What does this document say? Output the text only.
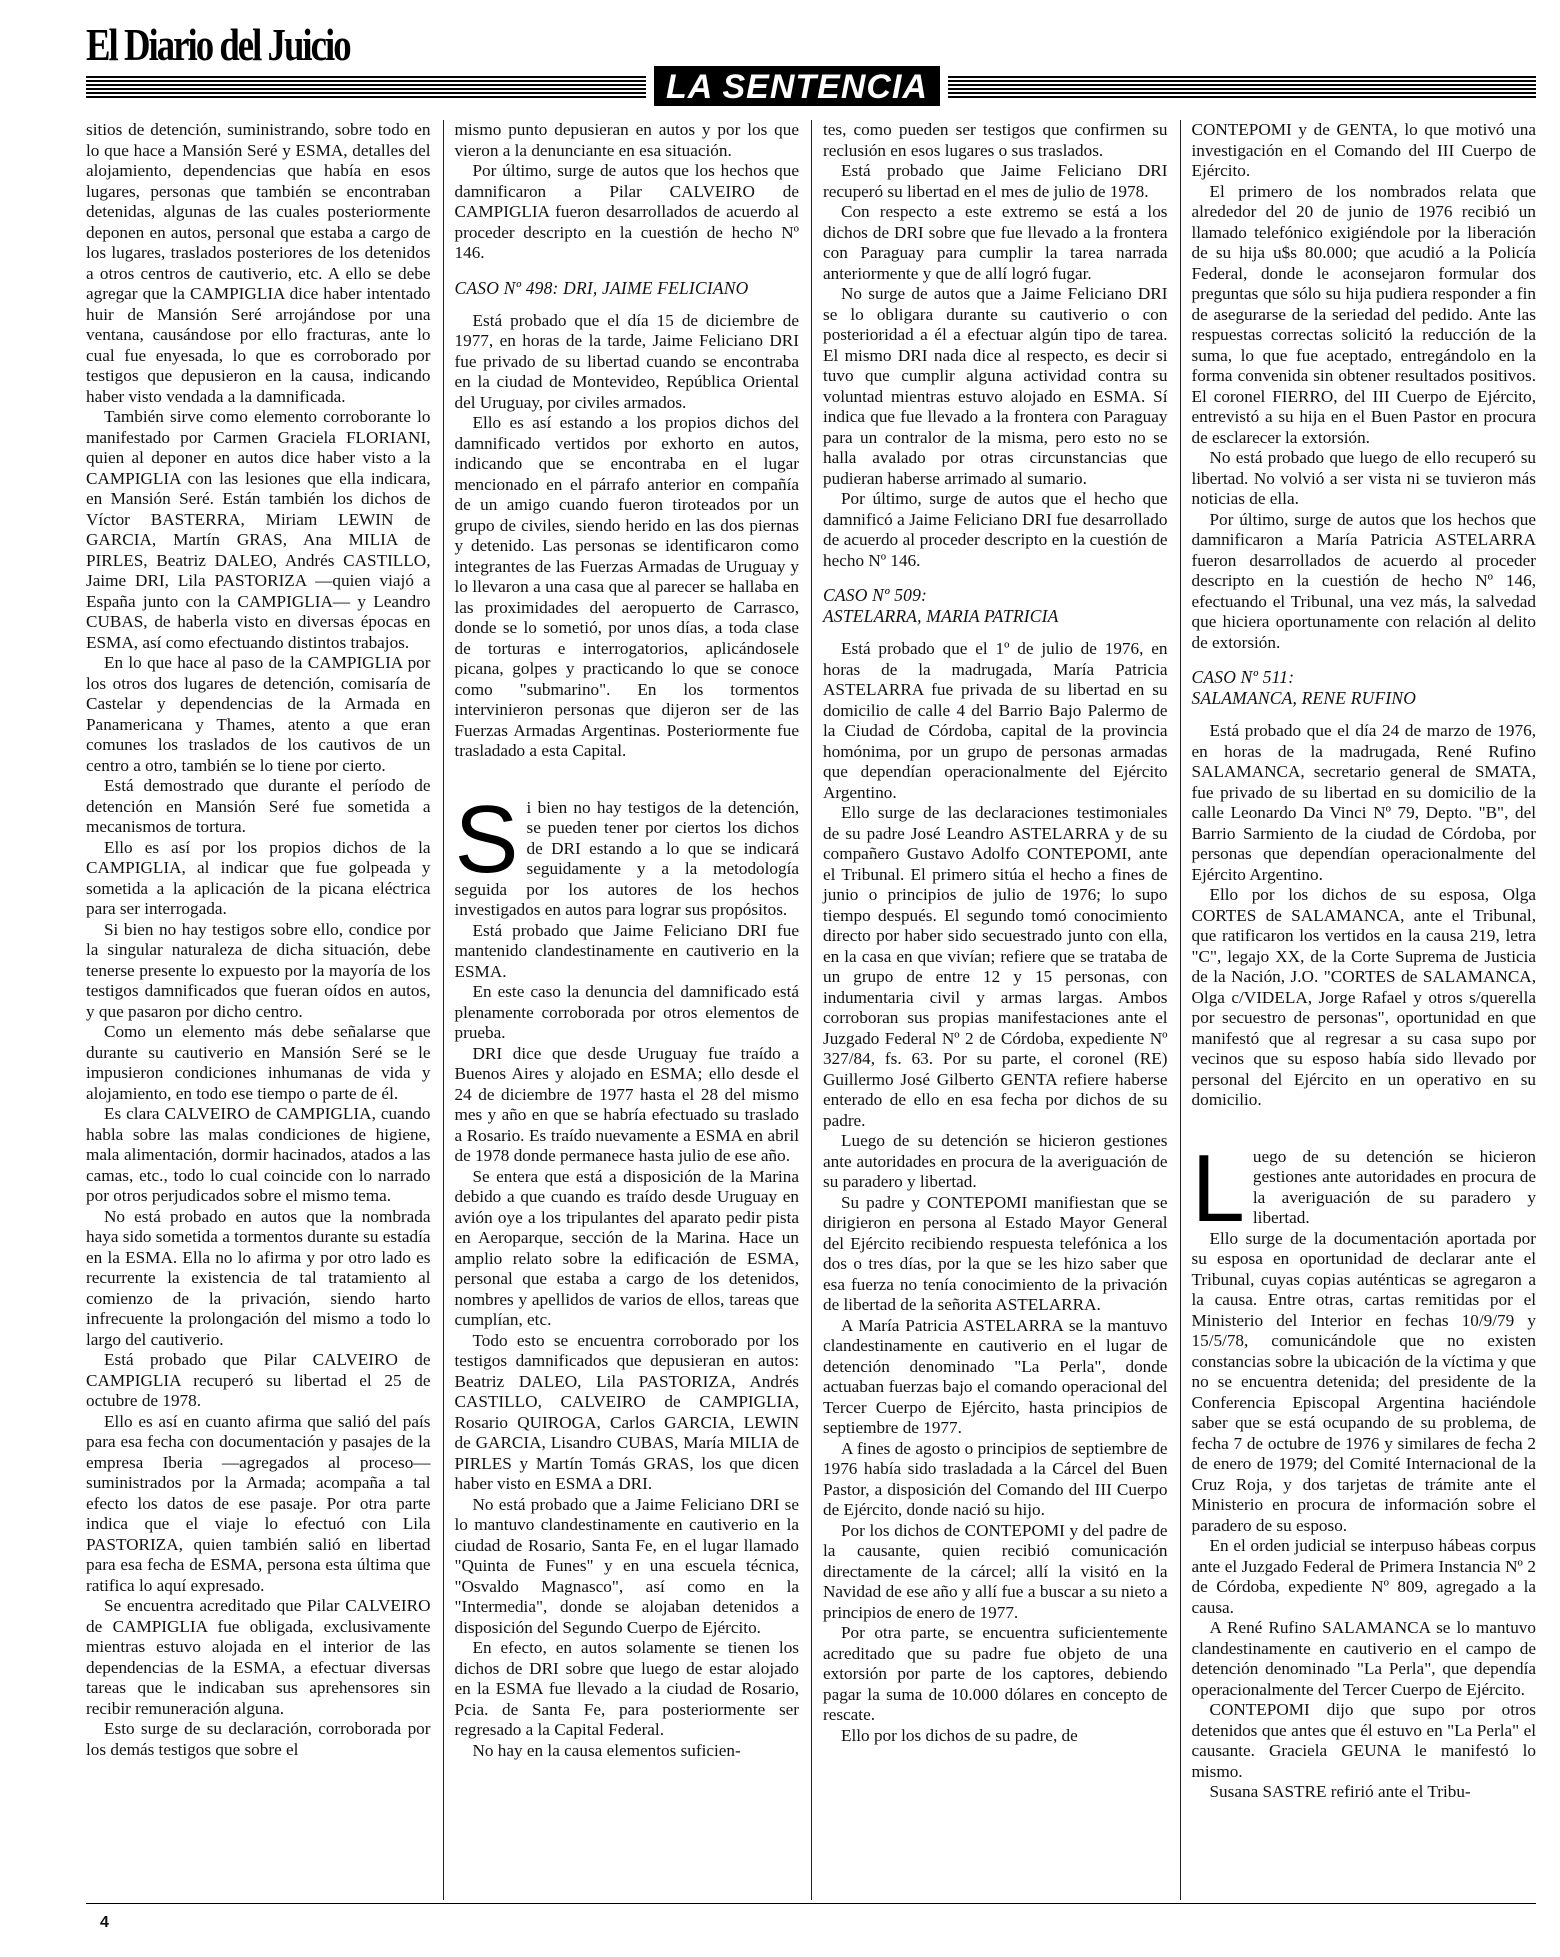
El Diario del Juicio
LA SENTENCIA

sitios de detención, suministrando, sobre todo en lo que hace a Mansión Seré y ESMA, detalles del alojamiento, dependencias que había en esos lugares, personas que también se encontraban detenidas, algunas de las cuales posteriormente deponen en autos, personal que estaba a cargo de los lugares, traslados posteriores de los detenidos a otros centros de cautiverio, etc. A ello se debe agregar que la CAMPIGLIA dice haber intentado huir de Mansión Seré arrojándose por una ventana, causándose por ello fracturas, ante lo cual fue enyesada, lo que es corroborado por testigos que depusieron en la causa, indicando haber visto vendada a la damnificada.

También sirve como elemento corroborante lo manifestado por Carmen Graciela FLORIANI, quien al deponer en autos dice haber visto a la CAMPIGLIA con las lesiones que ella indicara, en Mansión Seré. Están también los dichos de Víctor BASTERRA, Miriam LEWIN de GARCIA, Martín GRAS, Ana MILIA de PIRLES, Beatriz DALEO, Andrés CASTILLO, Jaime DRI, Lila PASTORIZA —quien viajó a España junto con la CAMPIGLIA— y Leandro CUBAS, de haberla visto en diversas épocas en ESMA, así como efectuando distintos trabajos.

En lo que hace al paso de la CAMPIGLIA por los otros dos lugares de detención, comisaría de Castelar y dependencias de la Armada en Panamericana y Thames, atento a que eran comunes los traslados de los cautivos de un centro a otro, también se lo tiene por cierto.

Está demostrado que durante el período de detención en Mansión Seré fue sometida a mecanismos de tortura.

Ello es así por los propios dichos de la CAMPIGLIA, al indicar que fue golpeada y sometida a la aplicación de la picana eléctrica para ser interrogada.

Si bien no hay testigos sobre ello, condice por la singular naturaleza de dicha situación, debe tenerse presente lo expuesto por la mayoría de los testigos damnificados que fueran oídos en autos, y que pasaron por dicho centro.

Como un elemento más debe señalarse que durante su cautiverio en Mansión Seré se le impusieron condiciones inhumanas de vida y alojamiento, en todo ese tiempo o parte de él.

Es clara CALVEIRO de CAMPIGLIA, cuando habla sobre las malas condiciones de higiene, mala alimentación, dormir hacinados, atados a las camas, etc., todo lo cual coincide con lo narrado por otros perjudicados sobre el mismo tema.

No está probado en autos que la nombrada haya sido sometida a tormentos durante su estadía en la ESMA. Ella no lo afirma y por otro lado es recurrente la existencia de tal tratamiento al comienzo de la privación, siendo harto infrecuente la prolongación del mismo a todo lo largo del cautiverio.

Está probado que Pilar CALVEIRO de CAMPIGLIA recuperó su libertad el 25 de octubre de 1978.

Ello es así en cuanto afirma que salió del país para esa fecha con documentación y pasajes de la empresa Iberia —agregados al proceso— suministrados por la Armada; acompaña a tal efecto los datos de ese pasaje. Por otra parte indica que el viaje lo efectuó con Lila PASTORIZA, quien también salió en libertad para esa fecha de ESMA, persona esta última que ratifica lo aquí expresado.

Se encuentra acreditado que Pilar CALVEIRO de CAMPIGLIA fue obligada, exclusivamente mientras estuvo alojada en el interior de las dependencias de la ESMA, a efectuar diversas tareas que le indicaban sus aprehensores sin recibir remuneración alguna.

Esto surge de su declaración, corroborada por los demás testigos que sobre el

mismo punto depusieran en autos y por los que vieron a la denunciante en esa situación.

Por último, surge de autos que los hechos que damnificaron a Pilar CALVEIRO de CAMPIGLIA fueron desarrollados de acuerdo al proceder descripto en la cuestión de hecho Nº 146.

CASO Nº 498: DRI, JAIME FELICIANO

Está probado que el día 15 de diciembre de 1977, en horas de la tarde, Jaime Feliciano DRI fue privado de su libertad cuando se encontraba en la ciudad de Montevideo, República Oriental del Uruguay, por civiles armados.

Ello es así estando a los propios dichos del damnificado vertidos por exhorto en autos, indicando que se encontraba en el lugar mencionado en el párrafo anterior en compañía de un amigo cuando fueron tiroteados por un grupo de civiles, siendo herido en las dos piernas y detenido. Las personas se identificaron como integrantes de las Fuerzas Armadas de Uruguay y lo llevaron a una casa que al parecer se hallaba en las proximidades del aeropuerto de Carrasco, donde se lo sometió, por unos días, a toda clase de torturas e interrogatorios, aplicándosele picana, golpes y practicando lo que se conoce como "submarino". En los tormentos intervinieron personas que dijeron ser de las Fuerzas Armadas Argentinas. Posteriormente fue trasladado a esta Capital.

S i bien no hay testigos de la detención, se pueden tener por ciertos los dichos de DRI estando a lo que se indicará seguidamente y a la metodología seguida por los autores de los hechos investigados en autos para lograr sus propósitos.

Está probado que Jaime Feliciano DRI fue mantenido clandestinamente en cautiverio en la ESMA.

En este caso la denuncia del damnificado está plenamente corroborada por otros elementos de prueba.

DRI dice que desde Uruguay fue traído a Buenos Aires y alojado en ESMA; ello desde el 24 de diciembre de 1977 hasta el 28 del mismo mes y año en que se habría efectuado su traslado a Rosario. Es traído nuevamente a ESMA en abril de 1978 donde permanece hasta julio de ese año.

Se entera que está a disposición de la Marina debido a que cuando es traído desde Uruguay en avión oye a los tripulantes del aparato pedir pista en Aeroparque, sección de la Marina. Hace un amplio relato sobre la edificación de ESMA, personal que estaba a cargo de los detenidos, nombres y apellidos de varios de ellos, tareas que cumplían, etc.

Todo esto se encuentra corroborado por los testigos damnificados que depusieran en autos: Beatriz DALEO, Lila PASTORIZA, Andrés CASTILLO, CALVEIRO de CAMPIGLIA, Rosario QUIROGA, Carlos GARCIA, LEWIN de GARCIA, Lisandro CUBAS, María MILIA de PIRLES y Martín Tomás GRAS, los que dicen haber visto en ESMA a DRI.

No está probado que a Jaime Feliciano DRI se lo mantuvo clandestinamente en cautiverio en la ciudad de Rosario, Santa Fe, en el lugar llamado "Quinta de Funes" y en una escuela técnica, "Osvaldo Magnasco", así como en la "Intermedia", donde se alojaban detenidos a disposición del Segundo Cuerpo de Ejército.

En efecto, en autos solamente se tienen los dichos de DRI sobre que luego de estar alojado en la ESMA fue llevado a la ciudad de Rosario, Pcia. de Santa Fe, para posteriormente ser regresado a la Capital Federal.

No hay en la causa elementos suficien-

tes, como pueden ser testigos que confirmen su reclusión en esos lugares o sus traslados.

Está probado que Jaime Feliciano DRI recuperó su libertad en el mes de julio de 1978.

Con respecto a este extremo se está a los dichos de DRI sobre que fue llevado a la frontera con Paraguay para cumplir la tarea narrada anteriormente y que de allí logró fugar.

No surge de autos que a Jaime Feliciano DRI se lo obligara durante su cautiverio o con posterioridad a él a efectuar algún tipo de tarea. El mismo DRI nada dice al respecto, es decir si tuvo que cumplir alguna actividad contra su voluntad mientras estuvo alojado en ESMA. Sí indica que fue llevado a la frontera con Paraguay para un contralor de la misma, pero esto no se halla avalado por otras circunstancias que pudieran haberse arrimado al sumario.

Por último, surge de autos que el hecho que damnificó a Jaime Feliciano DRI fue desarrollado de acuerdo al proceder descripto en la cuestión de hecho Nº 146.

CASO Nº 509:
ASTELARRA, MARIA PATRICIA

Está probado que el 1º de julio de 1976, en horas de la madrugada, María Patricia ASTELARRA fue privada de su libertad en su domicilio de calle 4 del Barrio Bajo Palermo de la Ciudad de Córdoba, capital de la provincia homónima, por un grupo de personas armadas que dependían operacionalmente del Ejército Argentino.

Ello surge de las declaraciones testimoniales de su padre José Leandro ASTELARRA y de su compañero Gustavo Adolfo CONTEPOMI, ante el Tribunal. El primero sitúa el hecho a fines de junio o principios de julio de 1976; lo supo tiempo después. El segundo tomó conocimiento directo por haber sido secuestrado junto con ella, en la casa en que vivían; refiere que se trataba de un grupo de entre 12 y 15 personas, con indumentaria civil y armas largas. Ambos corroboran sus propias manifestaciones ante el Juzgado Federal Nº 2 de Córdoba, expediente Nº 327/84, fs. 63. Por su parte, el coronel (RE) Guillermo José Gilberto GENTA refiere haberse enterado de ello en esa fecha por dichos de su padre.

Luego de su detención se hicieron gestiones ante autoridades en procura de la averiguación de su paradero y libertad.

Su padre y CONTEPOMI manifiestan que se dirigieron en persona al Estado Mayor General del Ejército recibiendo respuesta telefónica a los dos o tres días, por la que se les hizo saber que esa fuerza no tenía conocimiento de la privación de libertad de la señorita ASTELARRA.

A María Patricia ASTELARRA se la mantuvo clandestinamente en cautiverio en el lugar de detención denominado "La Perla", donde actuaban fuerzas bajo el comando operacional del Tercer Cuerpo de Ejército, hasta principios de septiembre de 1977.

A fines de agosto o principios de septiembre de 1976 había sido trasladada a la Cárcel del Buen Pastor, a disposición del Comando del III Cuerpo de Ejército, donde nació su hijo.

Por los dichos de CONTEPOMI y del padre de la causante, quien recibió comunicación directamente de la cárcel; allí la visitó en la Navidad de ese año y allí fue a buscar a su nieto a principios de enero de 1977.

Por otra parte, se encuentra suficientemente acreditado que su padre fue objeto de una extorsión por parte de los captores, debiendo pagar la suma de 10.000 dólares en concepto de rescate.

Ello por los dichos de su padre, de

CONTEPOMI y de GENTA, lo que motivó una investigación en el Comando del III Cuerpo de Ejército.

El primero de los nombrados relata que alrededor del 20 de junio de 1976 recibió un llamado telefónico exigiéndole por la liberación de su hija u$s 80.000; que acudió a la Policía Federal, donde le aconsejaron formular dos preguntas que sólo su hija pudiera responder a fin de asegurarse de la seriedad del pedido. Ante las respuestas correctas solicitó la reducción de la suma, lo que fue aceptado, entregándolo en la forma convenida sin obtener resultados positivos. El coronel FIERRO, del III Cuerpo de Ejército, entrevistó a su hija en el Buen Pastor en procura de esclarecer la extorsión.

No está probado que luego de ello recuperó su libertad. No volvió a ser vista ni se tuvieron más noticias de ella.

Por último, surge de autos que los hechos que damnificaron a María Patricia ASTELARRA fueron desarrollados de acuerdo al proceder descripto en la cuestión de hecho Nº 146, efectuando el Tribunal, una vez más, la salvedad que hiciera oportunamente con relación al delito de extorsión.

CASO Nº 511:
SALAMANCA, RENE RUFINO

Está probado que el día 24 de marzo de 1976, en horas de la madrugada, René Rufino SALAMANCA, secretario general de SMATA, fue privado de su libertad en su domicilio de la calle Leonardo Da Vinci Nº 79, Depto. "B", del Barrio Sarmiento de la ciudad de Córdoba, por personas que dependían operacionalmente del Ejército Argentino.

Ello por los dichos de su esposa, Olga CORTES de SALAMANCA, ante el Tribunal, que ratificaron los vertidos en la causa 219, letra "C", legajo XX, de la Corte Suprema de Justicia de la Nación, J.O. "CORTES de SALAMANCA, Olga c/VIDELA, Jorge Rafael y otros s/querella por secuestro de personas", oportunidad en que manifestó que al regresar a su casa supo por vecinos que su esposo había sido llevado por personal del Ejército en un operativo en su domicilio.

L uego de su detención se hicieron gestiones ante autoridades en procura de la averiguación de su paradero y libertad.

Ello surge de la documentación aportada por su esposa en oportunidad de declarar ante el Tribunal, cuyas copias auténticas se agregaron a la causa. Entre otras, cartas remitidas por el Ministerio del Interior en fechas 10/9/79 y 15/5/78, comunicándole que no existen constancias sobre la ubicación de la víctima y que no se encuentra detenida; del presidente de la Conferencia Episcopal Argentina haciéndole saber que se está ocupando de su problema, de fecha 7 de octubre de 1976 y similares de fecha 2 de enero de 1979; del Comité Internacional de la Cruz Roja, y dos tarjetas de trámite ante el Ministerio en procura de información sobre el paradero de su esposo.

En el orden judicial se interpuso hábeas corpus ante el Juzgado Federal de Primera Instancia Nº 2 de Córdoba, expediente Nº 809, agregado a la causa.

A René Rufino SALAMANCA se lo mantuvo clandestinamente en cautiverio en el campo de detención denominado "La Perla", que dependía operacionalmente del Tercer Cuerpo de Ejército.

CONTEPOMI dijo que supo por otros detenidos que antes que él estuvo en "La Perla" el causante. Graciela GEUNA le manifestó lo mismo.

Susana SASTRE refirió ante el Tribu-

4
